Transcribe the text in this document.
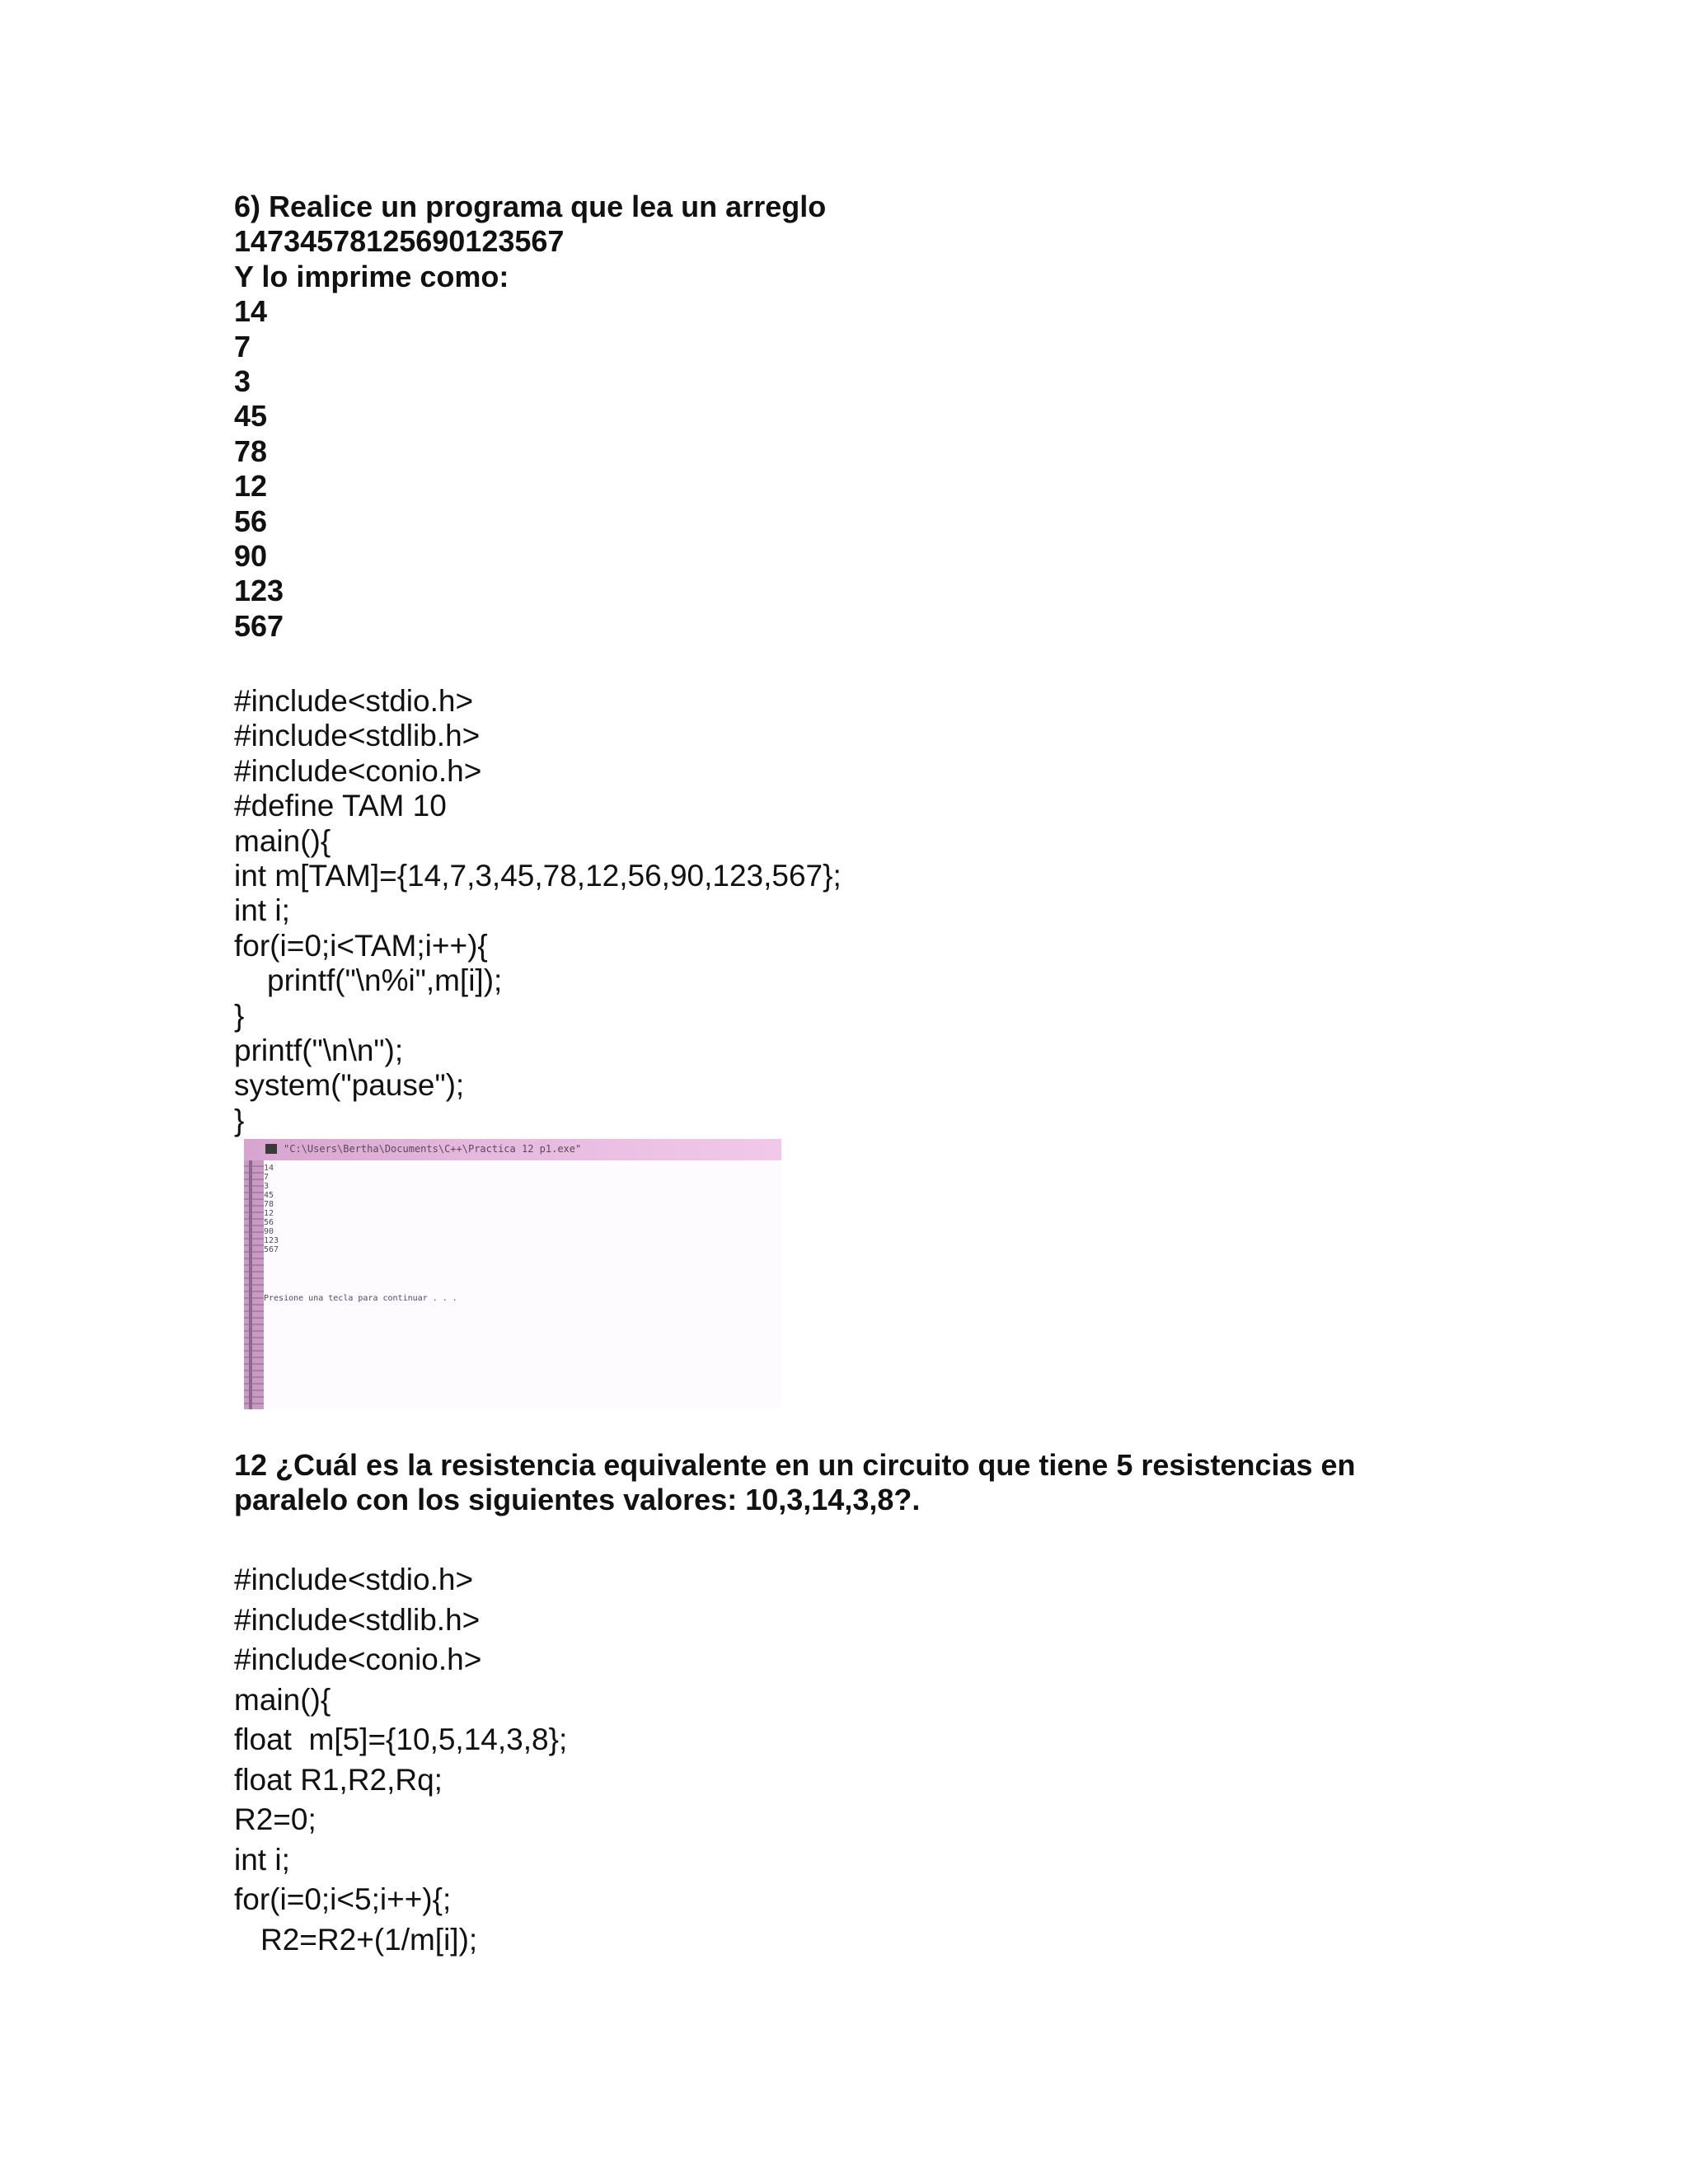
6) Realice un programa que lea un arreglo
14734578125690123567
Y lo imprime como:
14
7
3
45
78
12
56
90
123
567
#include<stdio.h>
#include<stdlib.h>
#include<conio.h>
#define TAM 10
main(){
int m[TAM]={14,7,3,45,78,12,56,90,123,567};
int i;
for(i=0;i<TAM;i++){
printf("\n%i",m[i]);
}
printf("\n\n");
system("pause");
}
"C:\Users\Bertha\Documents\C++\Practica 12 p1.exe"
14
7
3
45
78
12
56
90
123
567
Presione una tecla para continuar . . .
12 ¿Cuál es la resistencia equivalente en un circuito que tiene 5 resistencias en
paralelo con los siguientes valores: 10,3,14,3,8?.
#include<stdio.h>
#include<stdlib.h>
#include<conio.h>
main(){
float  m[5]={10,5,14,3,8};
float R1,R2,Rq;
R2=0;
int i;
for(i=0;i<5;i++){;
R2=R2+(1/m[i]);
